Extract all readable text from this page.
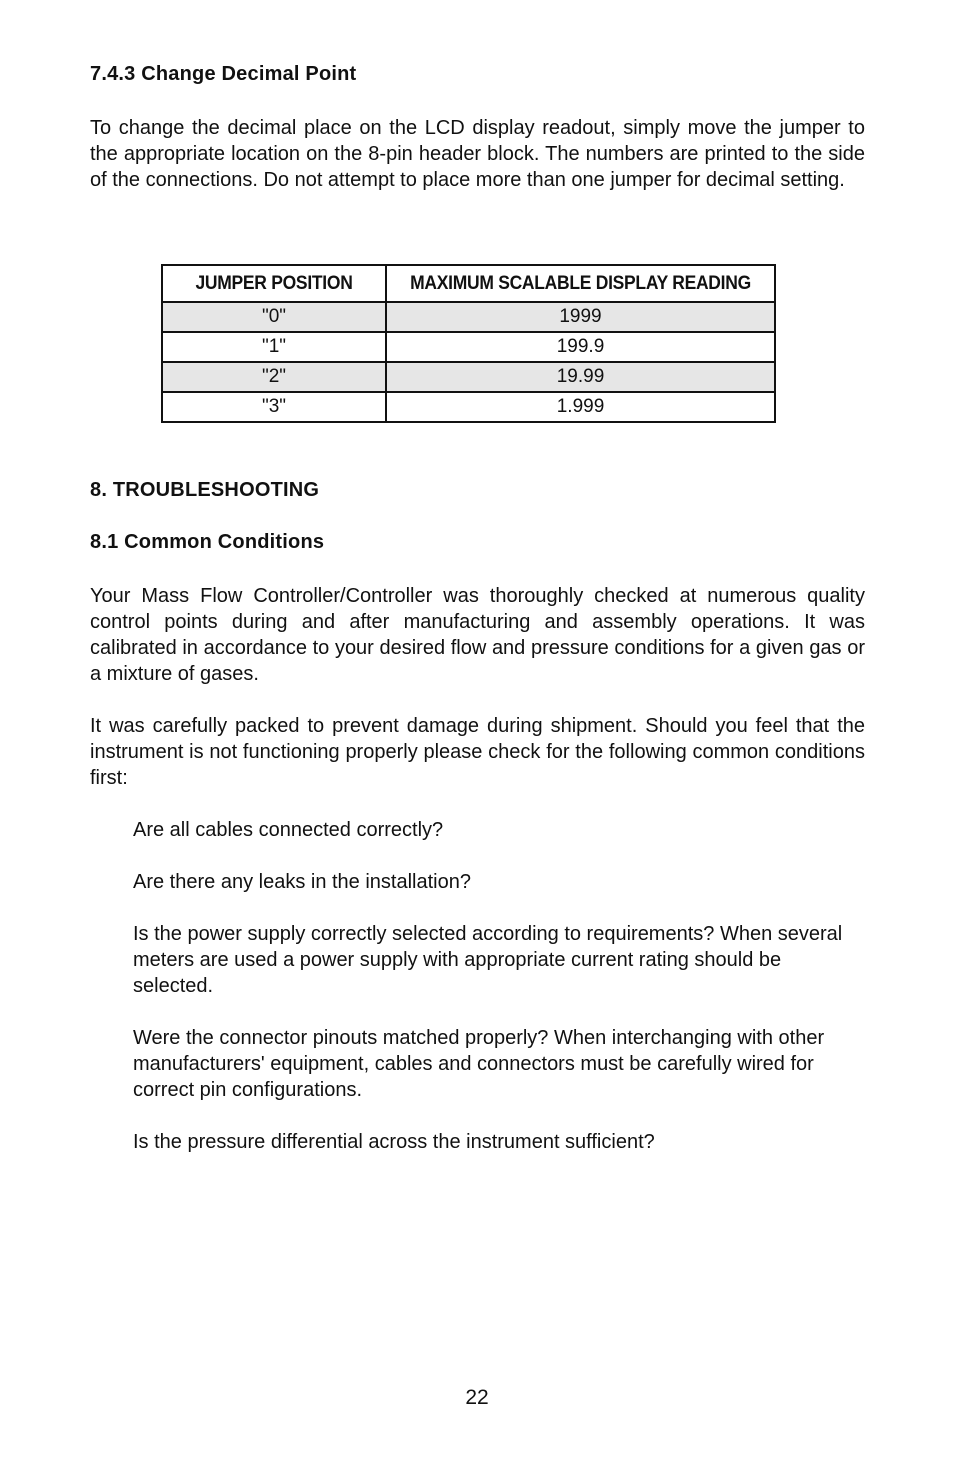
7.4.3 Change Decimal Point

To change the decimal place on the LCD display readout, simply move the jumper to the appropriate location on the 8-pin header block. The numbers are printed to the side of the connections. Do not attempt to place more than one jumper for decimal setting.

JUMPER POSITION	MAXIMUM SCALABLE DISPLAY READING
"0"	1999
"1"	199.9
"2"	19.99
"3"	1.999
8. TROUBLESHOOTING
8.1 Common Conditions

Your Mass Flow Controller/Controller was thoroughly checked at numerous quality control points during and after manufacturing and assembly operations. It was calibrated in accordance to your desired flow and pressure conditions for a given gas or a mixture of gases.

It was carefully packed to prevent damage during shipment. Should you feel that the instrument is not functioning properly please check for the following common conditions first:

Are all cables connected correctly?

Are there any leaks in the installation?

Is the power supply correctly selected according to requirements? When several meters are used a power supply with appropriate current rating should be selected.

Were the connector pinouts matched properly? When interchanging with other manufacturers' equipment, cables and connectors must be carefully wired for correct pin configurations.

Is the pressure differential across the instrument sufficient?

22
